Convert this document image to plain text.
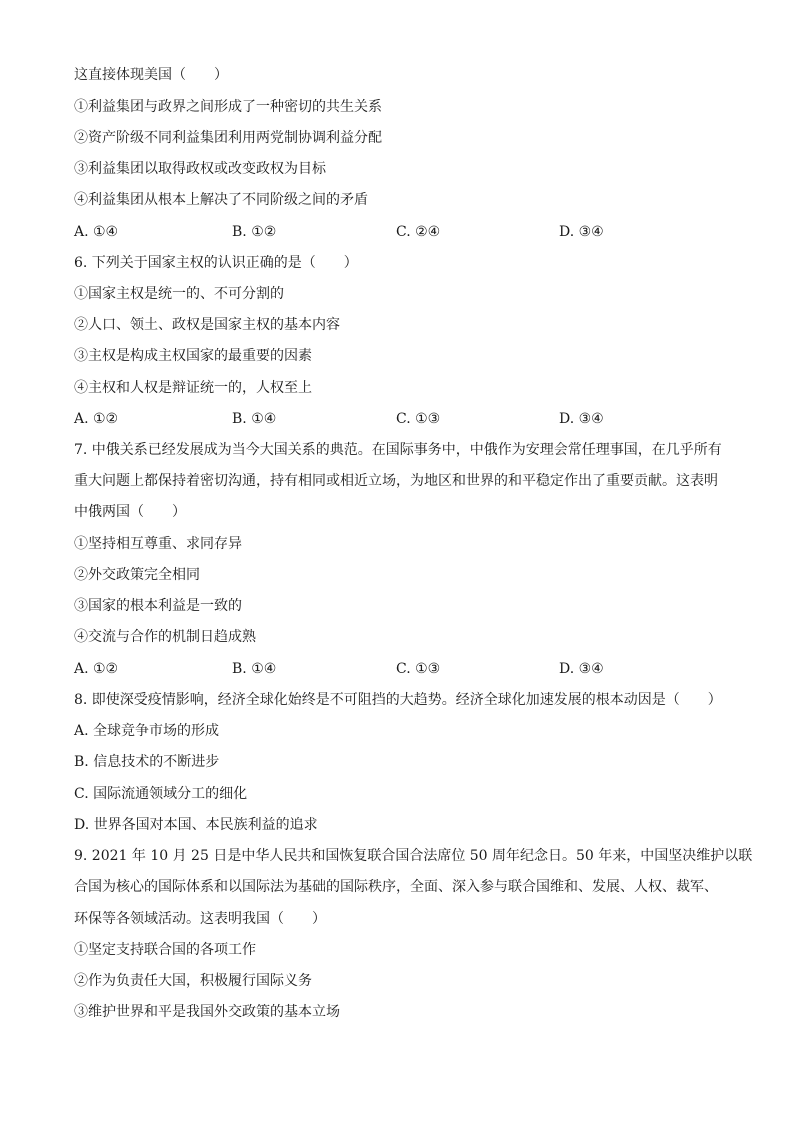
这直接体现美国（　　）
①利益集团与政界之间形成了一种密切的共生关系
②资产阶级不同利益集团利用两党制协调利益分配
③利益集团以取得政权或改变政权为目标
④利益集团从根本上解决了不同阶级之间的矛盾
A. ①④	B. ①②	C. ②④	D. ③④
6. 下列关于国家主权的认识正确的是（　　）
①国家主权是统一的、不可分割的
②人口、领土、政权是国家主权的基本内容
③主权是构成主权国家的最重要的因素
④主权和人权是辩证统一的，人权至上
A. ①②	B. ①④	C. ①③	D. ③④
7. 中俄关系已经发展成为当今大国关系的典范。在国际事务中，中俄作为安理会常任理事国，在几乎所有
重大问题上都保持着密切沟通，持有相同或相近立场，为地区和世界的和平稳定作出了重要贡献。这表明
中俄两国（　　）
①坚持相互尊重、求同存异
②外交政策完全相同
③国家的根本利益是一致的
④交流与合作的机制日趋成熟
A. ①②	B. ①④	C. ①③	D. ③④
8. 即使深受疫情影响，经济全球化始终是不可阻挡的大趋势。经济全球化加速发展的根本动因是（　　）
A. 全球竞争市场的形成
B. 信息技术的不断进步
C. 国际流通领域分工的细化
D. 世界各国对本国、本民族利益的追求
9. 2021 年 10 月 25 日是中华人民共和国恢复联合国合法席位 50 周年纪念日。50 年来，中国坚决维护以联
合国为核心的国际体系和以国际法为基础的国际秩序，全面、深入参与联合国维和、发展、人权、裁军、
环保等各领域活动。这表明我国（　　）
①坚定支持联合国的各项工作
②作为负责任大国，积极履行国际义务
③维护世界和平是我国外交政策的基本立场
